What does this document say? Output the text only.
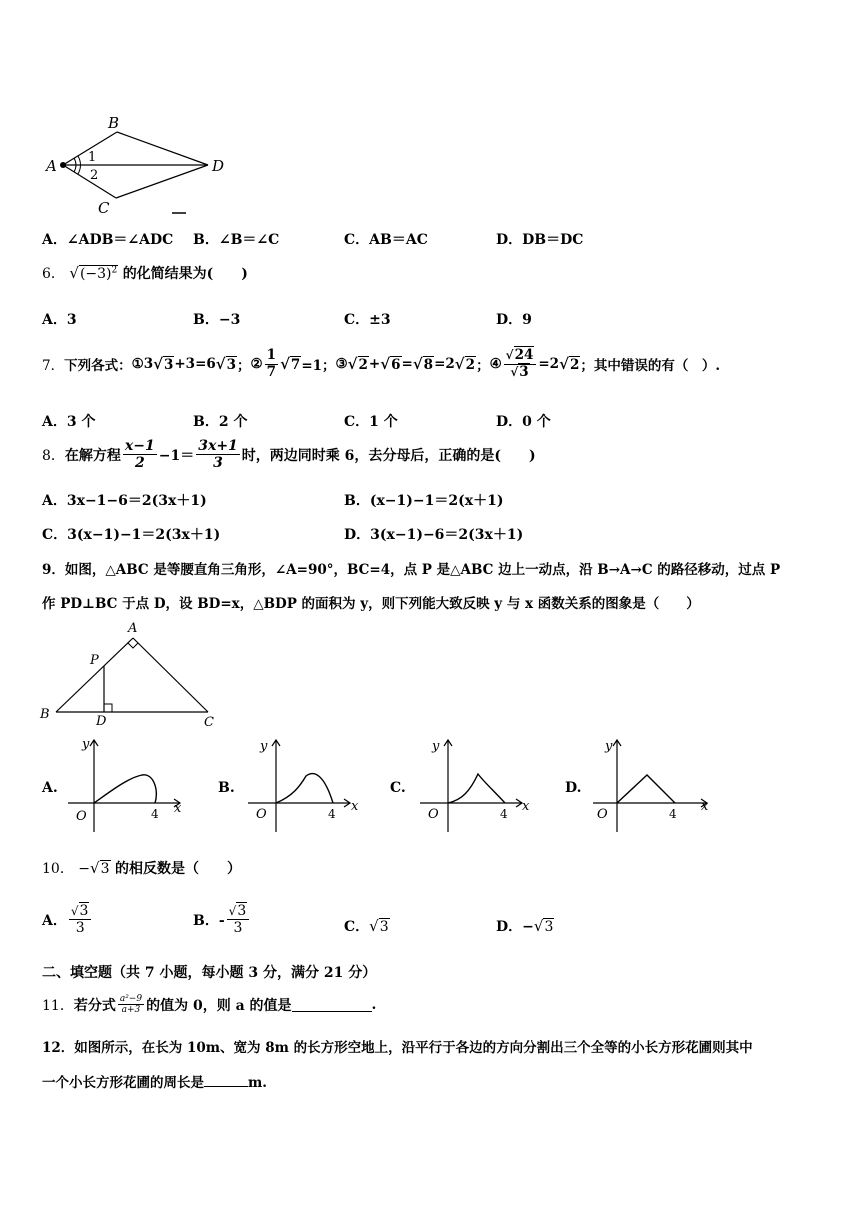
A
B
C
D
1
2
A．∠ADB＝∠ADC B．∠B＝∠C	C．AB＝AC	D．DB＝DC
6． $√(-3)^2$ 的化简结果为(　　)
A．3	B．−3	C．±3	D．9
7． 下列各式： ①3 √3 +3=6 √3 ； ② $\frac{1}{7} √7 =1$； ③ √2 + √6 = √8 =2 √2 ； ④ $\frac{√24}{√3} =2$ √2 ；其中错误的有（　）.
A．3 个	B．2 个	C．1 个	D．0 个
8． 在解方程 $\frac{x-1}{2} -1= \frac{3x+1}{3}$ 时，两边同时乘 6，去分母后，正确的是(　　)
A．3x−1−6＝2(3x＋1)	B．(x−1)−1＝2(x＋1)
C．3(x−1)−1＝2(3x＋1)	D．3(x−1)−6＝2(3x＋1)
9．如图，△ABC 是等腰直角三角形，∠A=90°，BC=4，点 P 是△ABC 边上一动点，沿 B→A→C 的路径移动，过点 P
作 PD⊥BC 于点 D，设 BD=x，△BDP 的面积为 y，则下列能大致反映 y 与 x 函数关系的图象是（　　）
A
P
B	D	C
A.
y
x
O	4
B.
y
x
O	4
C.
y
x
O	4
D.
y
x
O	4
10． −√3 的相反数是（　　）
A． $\frac{√3}{3}$	B．- $\frac{√3}{3}$	C．√3	D．−√3
二、填空题（共 7 小题，每小题 3 分，满分 21 分）
11． 若分式 $\frac{\text{a²−9}}{a+3}$ 的值为 0，则 a 的值是	.
12．如图所示，在长为 10m、宽为 8m 的长方形空地上，沿平行于各边的方向分割出三个全等的小长方形花圃则其中
一个小长方形花圃的周长是	m.
